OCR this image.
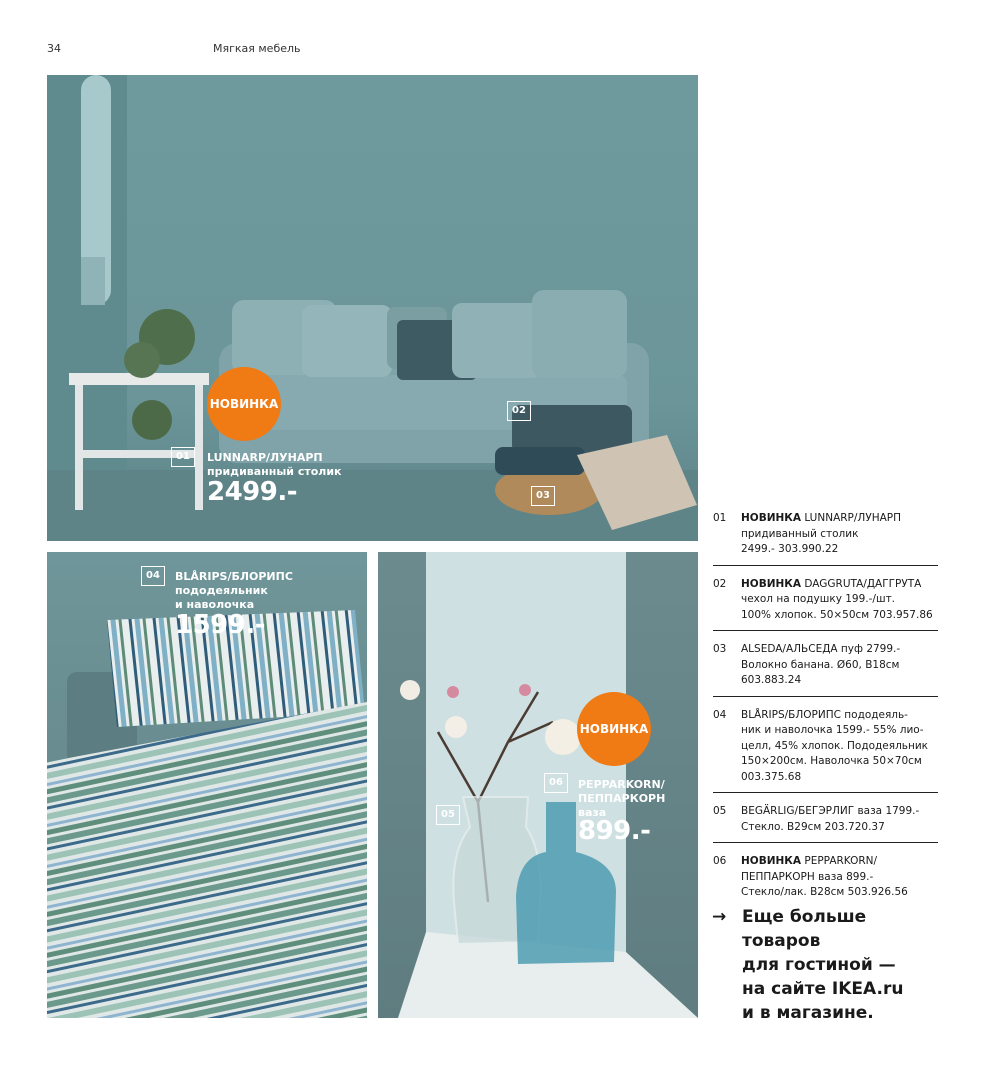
34	Мягкая мебель
НОВИНКА
01	LUNNARP/ЛУНАРП
придиванный столик
2499.-
02
03
04	BLÅRIPS/БЛОРИПС
пододеяльник
и наволочка
1599.-
НОВИНКА
06	PEPPARKORN/
ПЕППАРКОРН
ваза
899.-
05
01 НОВИНКА LUNNARP/ЛУНАРП
придиванный столик
2499.- 303.990.22
02 НОВИНКА DAGGRUTA/ДАГГРУТА
чехол на подушку 199.-/шт.
100% хлопок. 50×50см 703.957.86
03 ALSEDA/АЛЬСЕДА пуф 2799.-
Волокно банана. Ø60, В18см
603.883.24
04 BLÅRIPS/БЛОРИПС пододеяль-
ник и наволочка 1599.- 55% лио-
целл, 45% хлопок. Пододеяльник
150×200см. Наволочка 50×70см
003.375.68
05 BEGÄRLIG/БЕГЭРЛИГ ваза 1799.-
Стекло. В29см 203.720.37
06 НОВИНКА PEPPARKORN/
ПЕППАРКОРН ваза 899.-
Стекло/лак. В28см 503.926.56
→ Еще больше
товаров
для гостиной —
на сайте IKEA.ru
и в магазине.
